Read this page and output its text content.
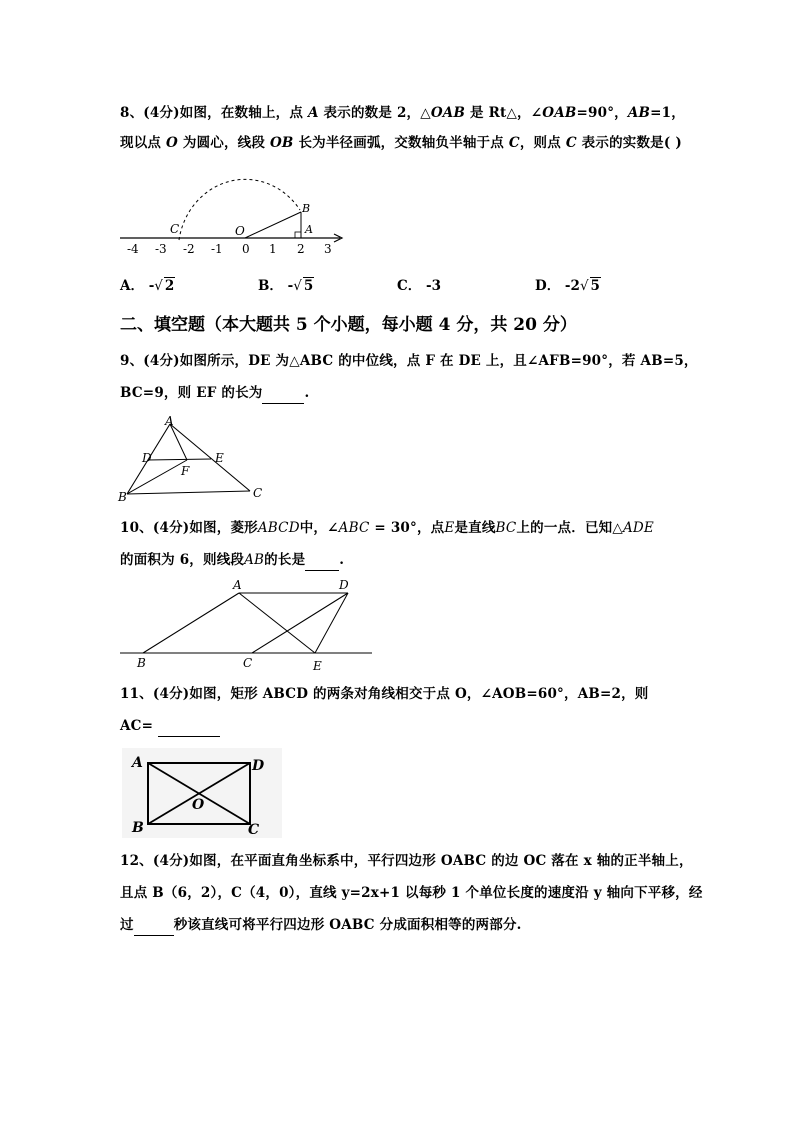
8、(4分)如图，在数轴上，点 A 表示的数是 2，△OAB 是 Rt△，∠OAB=90°，AB=1，
现以点 O 为圆心，线段 OB 长为半径画弧，交数轴负半轴于点 C，则点 C 表示的实数是( )
C	O
B
A
-4 -3 -2 -1 0 1 2 3
A． -√ 2	B． -√ 5	C． -3	D． -2√ 5
二、填空题（本大题共 5 个小题，每小题 4 分，共 20 分）
9、(4分)如图所示，DE 为△ABC 的中位线，点 F 在 DE 上，且∠AFB=90°，若 AB=5，
BC=9，则 EF 的长为	.
A
D	E
F
B	C
10、(4分)如图，菱形ABCD中，∠ABC = 30°，点E是直线BC上的一点．已知△ADE
的面积为 6，则线段AB的长是	.
A	D
B	C	E
11、(4分)如图，矩形 ABCD 的两条对角线相交于点 O，∠AOB=60°，AB=2，则
AC=
A	D
O
B	C
12、(4分)如图，在平面直角坐标系中，平行四边形 OABC 的边 OC 落在 x 轴的正半轴上，
且点 B（6，2），C（4，0），直线 y=2x+1 以每秒 1 个单位长度的速度沿 y 轴向下平移，经
过	秒该直线可将平行四边形 OABC 分成面积相等的两部分.
